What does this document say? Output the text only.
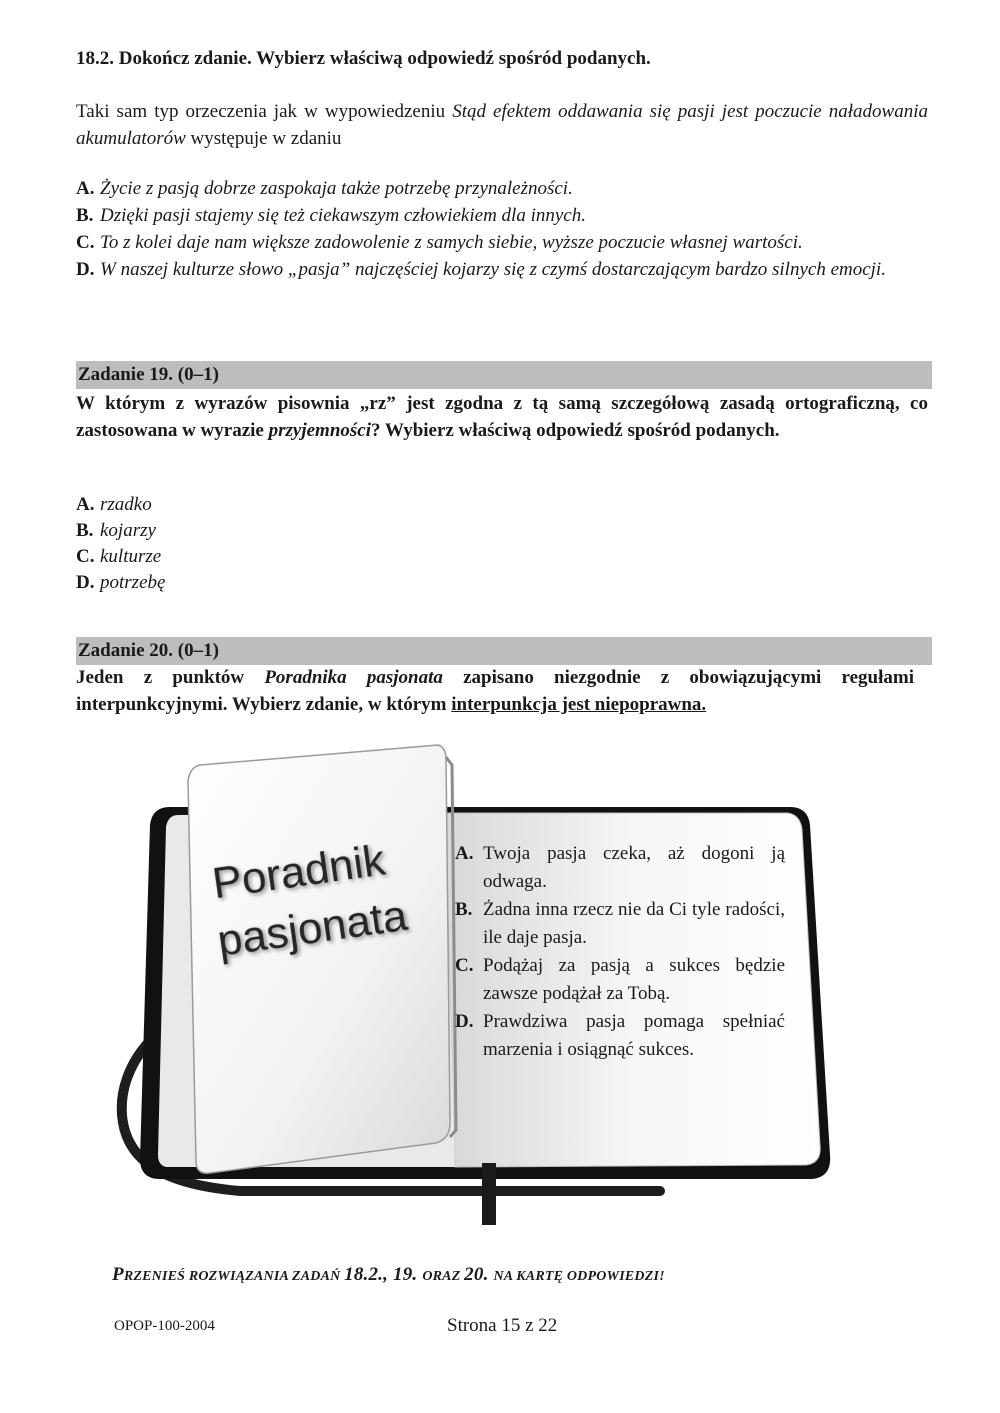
18.2. Dokończ zdanie. Wybierz właściwą odpowiedź spośród podanych.
Taki sam typ orzeczenia jak w wypowiedzeniu Stąd efektem oddawania się pasji jest poczucie naładowania akumulatorów występuje w zdaniu
A. Życie z pasją dobrze zaspokaja także potrzebę przynależności.
B. Dzięki pasji stajemy się też ciekawszym człowiekiem dla innych.
C. To z kolei daje nam większe zadowolenie z samych siebie, wyższe poczucie własnej wartości.
D. W naszej kulturze słowo „pasja” najczęściej kojarzy się z czymś dostarczającym bardzo silnych emocji.
Zadanie 19. (0–1)
W którym z wyrazów pisownia „rz” jest zgodna z tą samą szczegółową zasadą ortograficzną, co zastosowana w wyrazie przyjemności? Wybierz właściwą odpowiedź spośród podanych.
A. rzadko
B. kojarzy
C. kulturze
D. potrzebę
Zadanie 20. (0–1)
Jeden z punktów Poradnika pasjonata zapisano niezgodnie z obowiązującymi regułami interpunkcyjnymi. Wybierz zdanie, w którym interpunkcja jest niepoprawna.
Poradnik
pasjonata
A. Twoja pasja czeka, aż dogoni ją odwaga.
B. Żadna inna rzecz nie da Ci tyle radości, ile daje pasja.
C. Podążaj za pasją a sukces będzie zawsze podążał za Tobą.
D. Prawdziwa pasja pomaga spełniać marzenia i osiągnąć sukces.
PRZENIEŚ ROZWIĄZANIA ZADAŃ 18.2., 19. ORAZ 20. NA KARTĘ ODPOWIEDZI!
OPOP-100-2004	Strona 15 z 22
